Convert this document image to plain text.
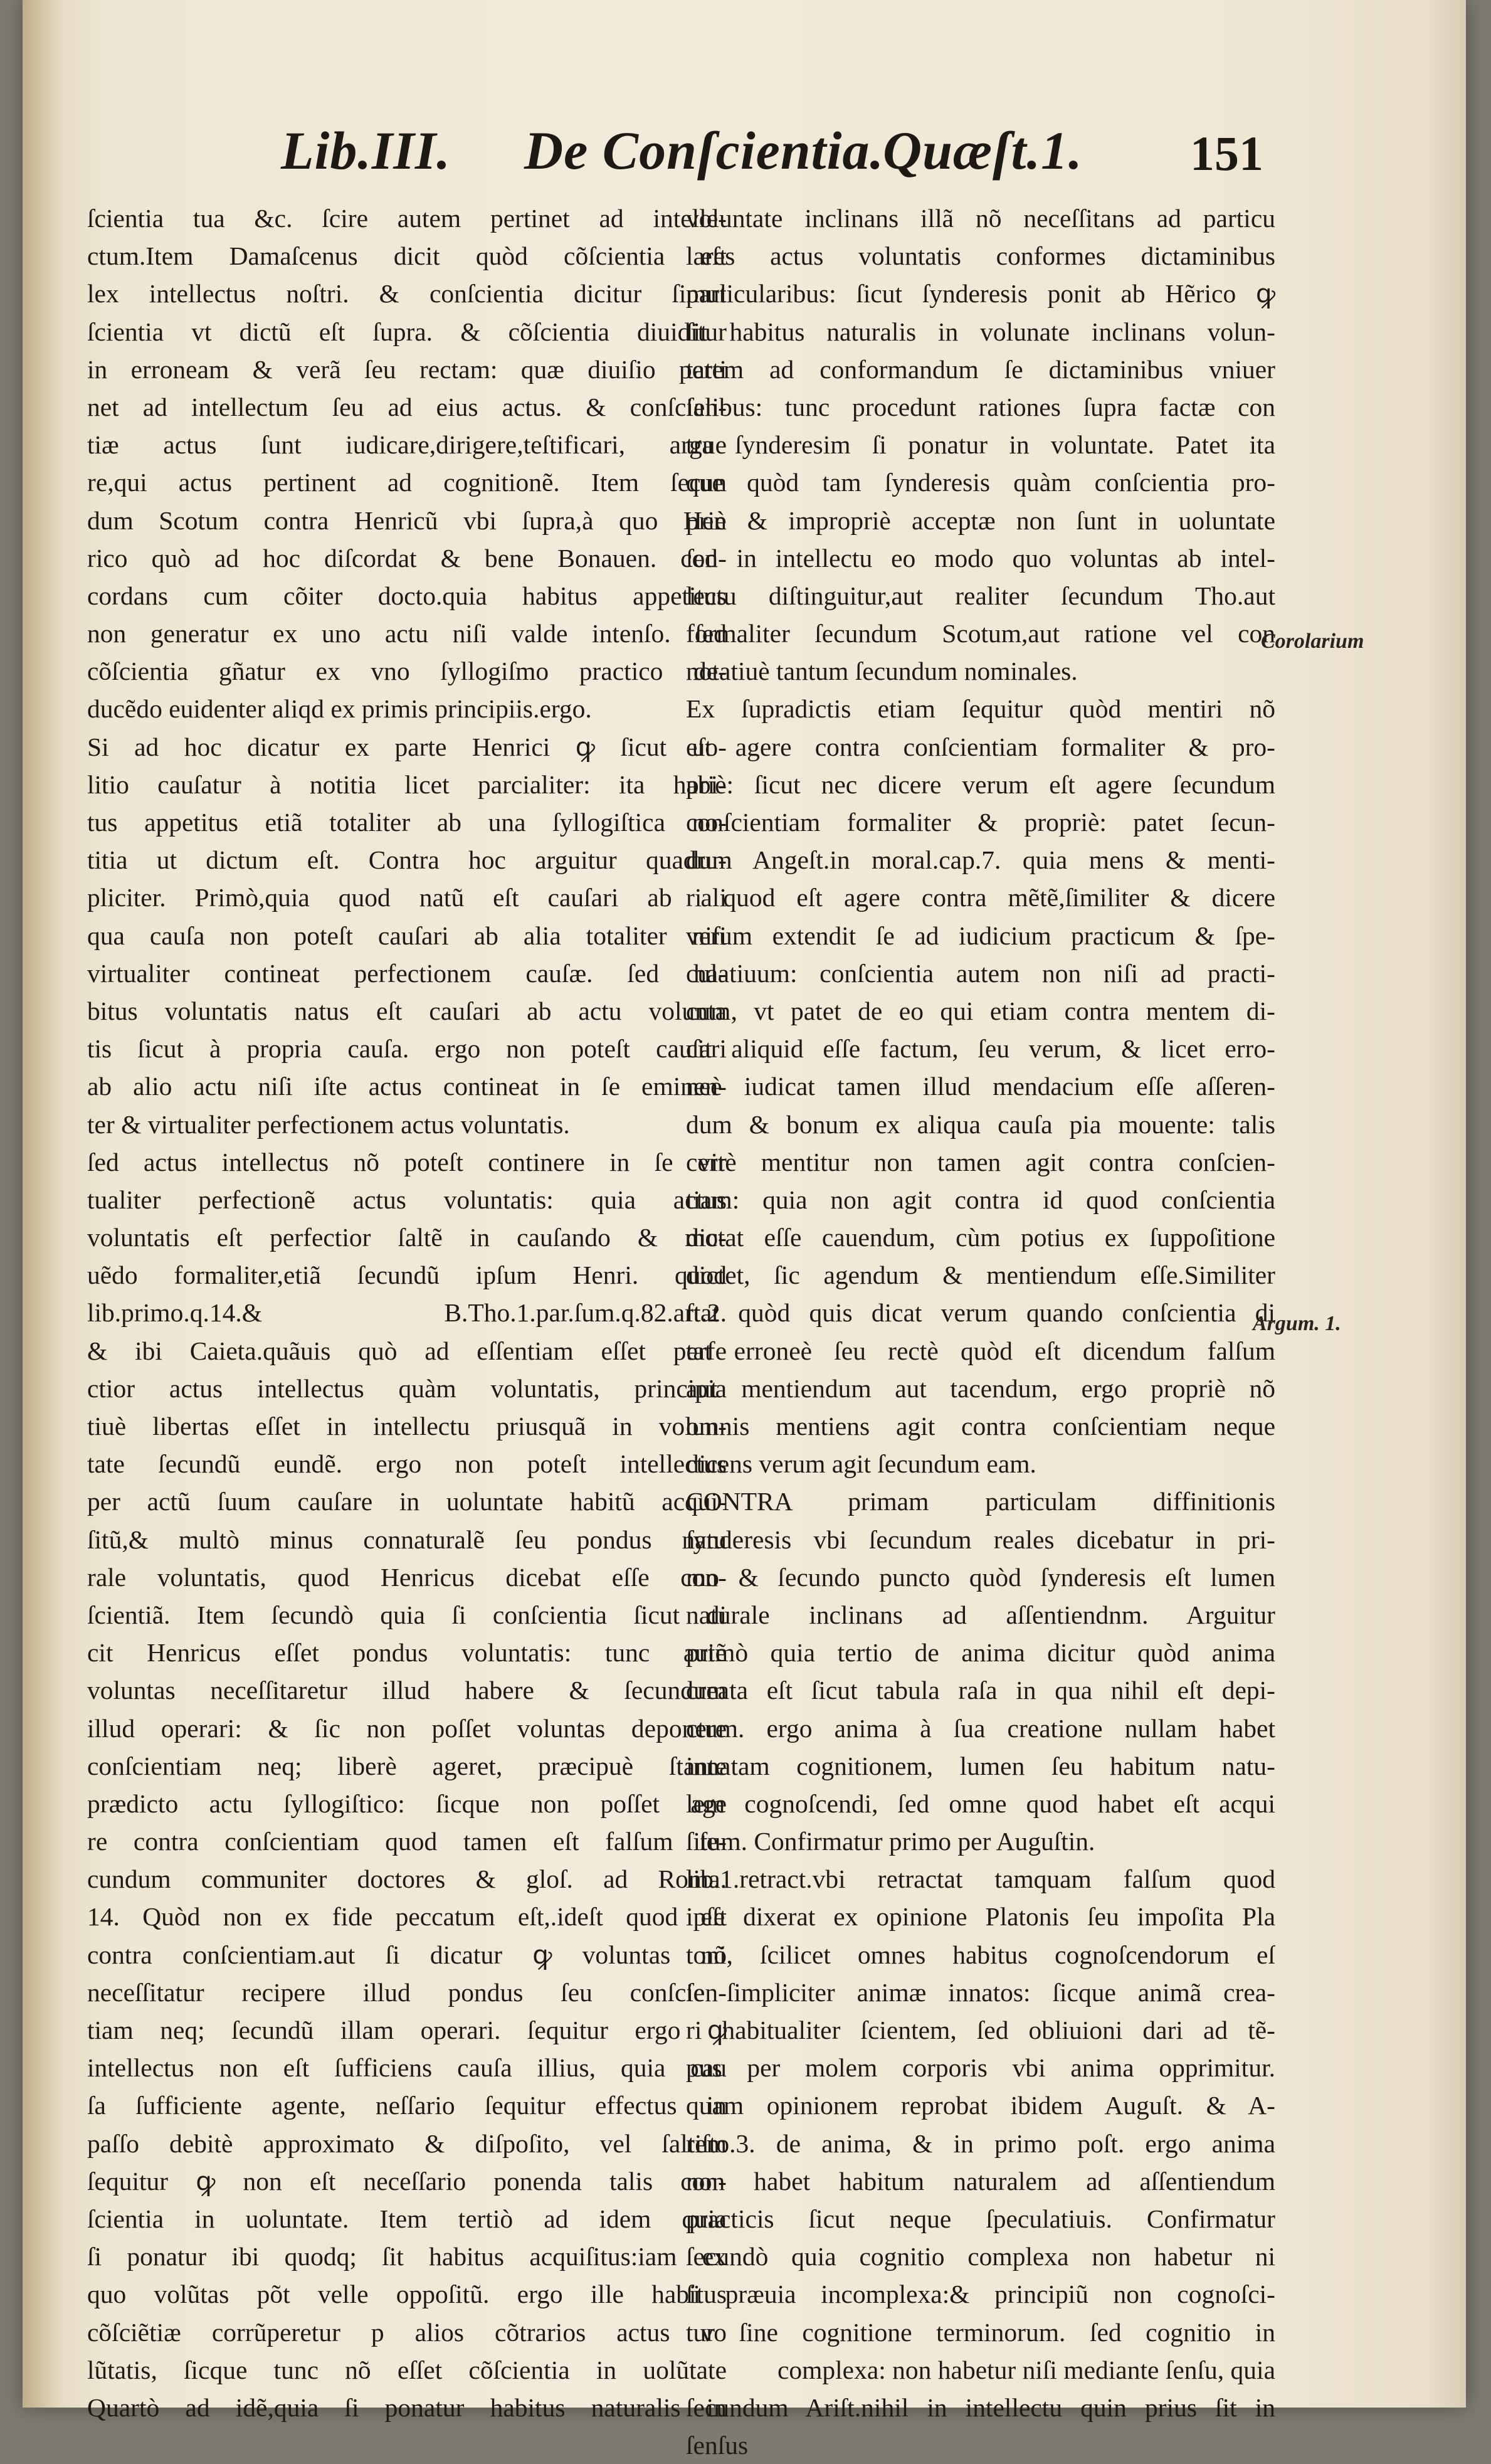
Lib.III. De Conſcientia.
Quæſt.1. 151
ſcientia tua &c. ſcire autem pertinet ad intelle-
ctum.Item Damaſcenus dicit quòd cõſcientia eſt
lex intellectus noſtri. & conſcientia dicitur ſimul
ſcientia vt dictũ eſt ſupra. & cõſcientia diuiditur
in erroneam & verã ſeu rectam: quæ diuiſio perti
net ad intellectum ſeu ad eius actus. & conſcien-
tiæ actus ſunt iudicare,dirigere,teſtificari, argue
re,qui actus pertinent ad cognitionẽ. Item ſecun
dum Scotum contra Henricũ vbi ſupra,à quo Hen
rico quò ad hoc diſcordat & bene Bonauen. con-
cordans cum cõiter docto.quia habitus appetitus
non generatur ex uno actu niſi valde intenſo. ſed
cõſcientia gñatur ex vno ſyllogiſmo practico de-
ducẽdo euidenter aliqd ex primis principiis.ergo.
Si ad hoc dicatur ex parte Henrici ꝙ ſicut uo-
litio cauſatur à notitia licet parcialiter: ita habi-
tus appetitus etiã totaliter ab una ſyllogiſtica no-
titia ut dictum eſt. Contra hoc arguitur quadru-
pliciter. Primò,quia quod natũ eſt cauſari ab ali
qua cauſa non poteſt cauſari ab alia totaliter niſi
virtualiter contineat perfectionem cauſæ. ſed ha-
bitus voluntatis natus eſt cauſari ab actu volunta
tis ſicut à propria cauſa. ergo non poteſt cauſari
ab alio actu niſi iſte actus contineat in ſe eminen-
ter & virtualiter perfectionem actus voluntatis.
ſed actus intellectus nõ poteſt continere in ſe vir
tualiter perfectionẽ actus voluntatis: quia actus
voluntatis eſt perfectior ſaltẽ in cauſando & mo-
uẽdo formaliter,etiã ſecundũ ipſum Henri. quod
lib.primo.q.14.& B.Tho.1.par.ſum.q.82.art.2.
& ibi Caieta.quãuis quò ad eſſentiam eſſet perfe
ctior actus intellectus quàm voluntatis, principia
tiuè libertas eſſet in intellectu priusquã in volun-
tate ſecundũ eundẽ. ergo non poteſt intellectus
per actũ ſuum cauſare in uoluntate habitũ acqui-
ſitũ,& multò minus connaturalẽ ſeu pondus natu
rale voluntatis, quod Henricus dicebat eſſe con-
ſcientiã. Item ſecundò quia ſi conſcientia ſicut di
cit Henricus eſſet pondus voluntatis: tunc autẽ
voluntas neceſſitaretur illud habere & ſecundum
illud operari: & ſic non poſſet voluntas deponere
conſcientiam neq; liberè ageret, præcipuè ſtante
prædicto actu ſyllogiſtico: ſicque non poſſet age
re contra conſcientiam quod tamen eſt falſum ſe-
cundum communiter doctores & gloſ. ad Roma.
14. Quòd non ex fide peccatum eſt,.ideſt quod eſt
contra conſcientiam.aut ſi dicatur ꝙ voluntas nõ
neceſſitatur recipere illud pondus ſeu conſcien-
tiam neq; ſecundũ illam operari. ſequitur ergo ꝙ
intellectus non eſt ſufficiens cauſa illius, quia cau
ſa ſufficiente agente, neſſario ſequitur effectus in
paſſo debitè approximato & diſpoſito, vel ſaltem
ſequitur ꝙ non eſt neceſſario ponenda talis con-
ſcientia in uoluntate. Item tertiò ad idem quia
ſi ponatur ibi quodq; ſit habitus acquiſitus:iam ex
quo volũtas põt velle oppoſitũ. ergo ille habitus
cõſciẽtiæ corrũperetur p alios cõtrarios actus vo
lũtatis, ſicque tunc nõ eſſet cõſcientia in uolũtate
Quartò ad idẽ,quia ſi ponatur habitus naturalis in
voluntate inclinans illã nõ neceſſitans ad particu
lares actus voluntatis conformes dictaminibus
particularibus: ſicut ſynderesis ponit ab Hẽrico ꝙ
ſit habitus naturalis in volunate inclinans volun-
tatem ad conformandum ſe dictaminibus vniuer
ſalibus: tunc procedunt rationes ſupra factæ con
tra ſynderesim ſi ponatur in voluntate. Patet ita
que quòd tam ſynderesis quàm conſcientia pro-
priè & impropriè acceptæ non ſunt in uoluntate
ſed in intellectu eo modo quo voluntas ab intel-
lectu diſtinguitur,aut realiter ſecundum Tho.aut
formaliter ſecundum Scotum,aut ratione vel con
notatiuè tantum ſecundum nominales.
Ex ſupradictis etiam ſequitur quòd mentiri nõ
eſt agere contra conſcientiam formaliter & pro-
priè: ſicut nec dicere verum eſt agere ſecundum
conſcientiam formaliter & propriè: patet ſecun-
dum Angeſt.in moral.cap.7. quia mens & menti-
ri quod eſt agere contra mẽtẽ,ſimiliter & dicere
verum extendit ſe ad iudicium practicum & ſpe-
culatiuum: conſcientia autem non niſi ad practi-
cum, vt patet de eo qui etiam contra mentem di-
cit aliquid eſſe factum, ſeu verum, & licet erro-
neè iudicat tamen illud mendacium eſſe aſſeren-
dum & bonum ex aliqua cauſa pia mouente: talis
certè mentitur non tamen agit contra conſcien-
tiam: quia non agit contra id quod conſcientia
dictat eſſe cauendum, cùm potius ex ſuppoſitione
dictet, ſic agendum & mentiendum eſſe.Similiter
ſtat quòd quis dicat verum quando conſcientia di
tat erroneè ſeu rectè quòd eſt dicendum falſum
aut mentiendum aut tacendum, ergo propriè nõ
omnis mentiens agit contra conſcientiam neque
dicens verum agit ſecundum eam.
CONTRA primam particulam diffinitionis
ſynderesis vbi ſecundum reales dicebatur in pri-
mo & ſecundo puncto quòd ſynderesis eſt lumen
naturale inclinans ad aſſentiendnm. Arguitur
primò quia tertio de anima dicitur quòd anima
creata eſt ſicut tabula raſa in qua nihil eſt depi-
ctum. ergo anima à ſua creatione nullam habet
innatam cognitionem, lumen ſeu habitum natu-
lem cognoſcendi, ſed omne quod habet eſt acqui
ſitum. Confirmatur primo per Auguſtin.
lib.1.retract.vbi retractat tamquam falſum quod
ipſe dixerat ex opinione Platonis ſeu impoſita Pla
toni, ſcilicet omnes habitus cognoſcendorum eſ
ſe ſimpliciter animæ innatos: ſicque animã crea-
ri habitualiter ſcientem, ſed obliuioni dari ad tẽ-
pus per molem corporis vbi anima opprimitur.
quam opinionem reprobat ibidem Auguſt. & A-
riſto.3. de anima, & in primo poſt. ergo anima
non habet habitum naturalem ad aſſentiendum
practicis ſicut neque ſpeculatiuis. Confirmatur
ſecundò quia cognitio complexa non habetur ni
ſi præuia incomplexa:& principiũ non cognoſci-
tur ſine cognitione terminorum. ſed cognitio in
complexa: non habetur niſi mediante ſenſu, quia
ſecundum Ariſt.nihil in intellectu quin prius ſit in
ſenſus
Corolarium
Argum. 1.
